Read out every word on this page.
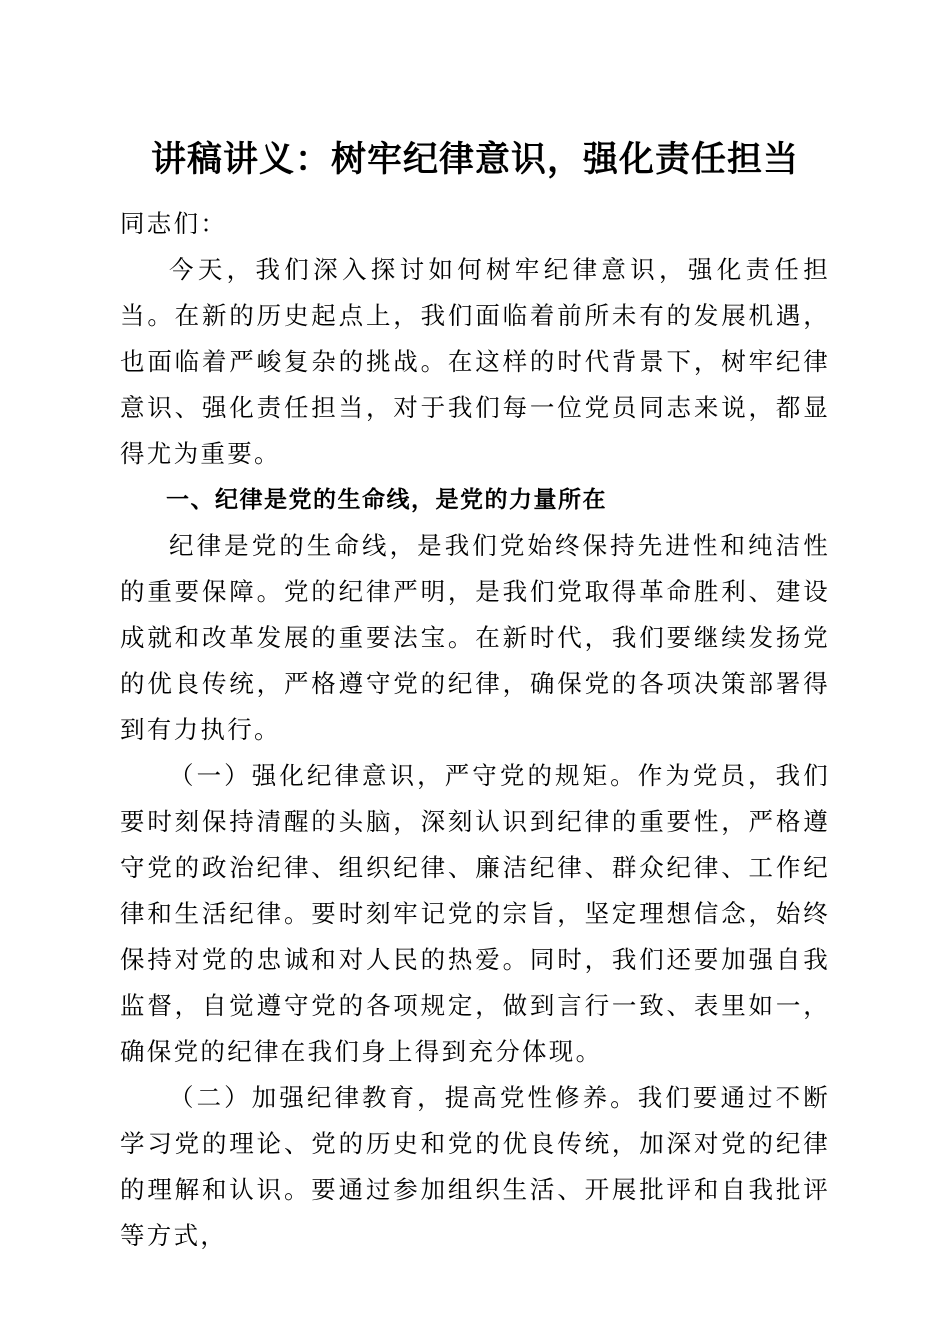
讲稿讲义：树牢纪律意识，强化责任担当

同志们：

今天，我们深入探讨如何树牢纪律意识，强化责任担当。在新的历史起点上，我们面临着前所未有的发展机遇，也面临着严峻复杂的挑战。在这样的时代背景下，树牢纪律意识、强化责任担当，对于我们每一位党员同志来说，都显得尤为重要。

一、纪律是党的生命线，是党的力量所在

纪律是党的生命线，是我们党始终保持先进性和纯洁性的重要保障。党的纪律严明，是我们党取得革命胜利、建设成就和改革发展的重要法宝。在新时代，我们要继续发扬党的优良传统，严格遵守党的纪律，确保党的各项决策部署得到有力执行。

（一）强化纪律意识，严守党的规矩。作为党员，我们要时刻保持清醒的头脑，深刻认识到纪律的重要性，严格遵守党的政治纪律、组织纪律、廉洁纪律、群众纪律、工作纪律和生活纪律。要时刻牢记党的宗旨，坚定理想信念，始终保持对党的忠诚和对人民的热爱。同时，我们还要加强自我监督，自觉遵守党的各项规定，做到言行一致、表里如一，确保党的纪律在我们身上得到充分体现。

（二）加强纪律教育，提高党性修养。我们要通过不断学习党的理论、党的历史和党的优良传统，加深对党的纪律的理解和认识。要通过参加组织生活、开展批评和自我批评等方式，
